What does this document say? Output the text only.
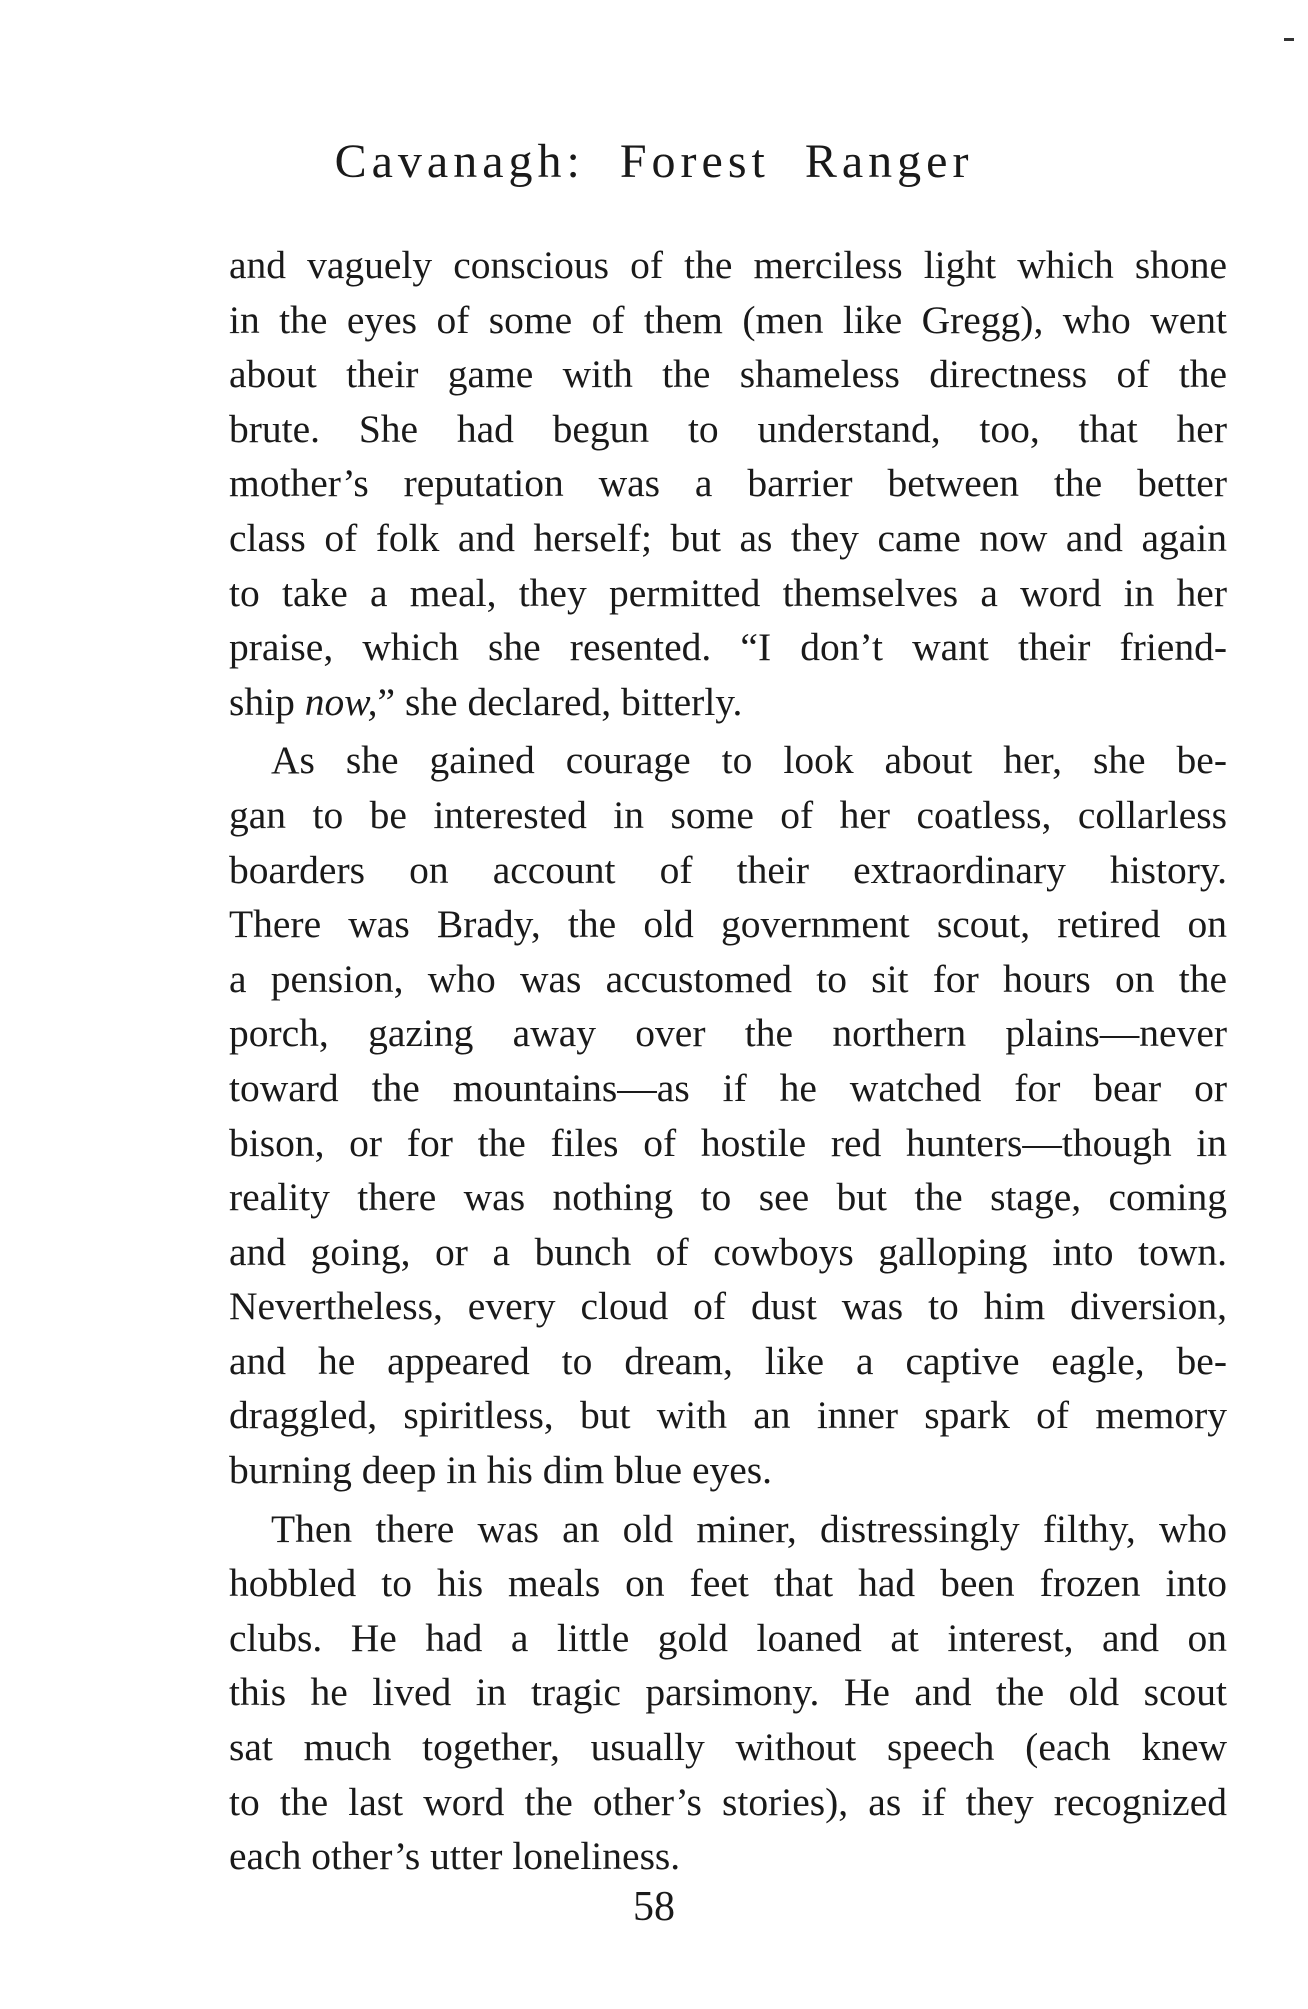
Cavanagh: Forest Ranger
and vaguely conscious of the merciless light which shone
in the eyes of some of them (men like Gregg), who went
about their game with the shameless directness of the
brute. She had begun to understand, too, that her
mother’s reputation was a barrier between the better
class of folk and herself; but as they came now and again
to take a meal, they permitted themselves a word in her
praise, which she resented. “I don’t want their friend-
ship now,” she declared, bitterly.
As she gained courage to look about her, she be-
gan to be interested in some of her coatless, collarless
boarders on account of their extraordinary history.
There was Brady, the old government scout, retired on
a pension, who was accustomed to sit for hours on the
porch, gazing away over the northern plains—never
toward the mountains—as if he watched for bear or
bison, or for the files of hostile red hunters—though in
reality there was nothing to see but the stage, coming
and going, or a bunch of cowboys galloping into town.
Nevertheless, every cloud of dust was to him diversion,
and he appeared to dream, like a captive eagle, be-
draggled, spiritless, but with an inner spark of memory
burning deep in his dim blue eyes.
Then there was an old miner, distressingly filthy, who
hobbled to his meals on feet that had been frozen into
clubs. He had a little gold loaned at interest, and on
this he lived in tragic parsimony. He and the old scout
sat much together, usually without speech (each knew
to the last word the other’s stories), as if they recognized
each other’s utter loneliness.
58
